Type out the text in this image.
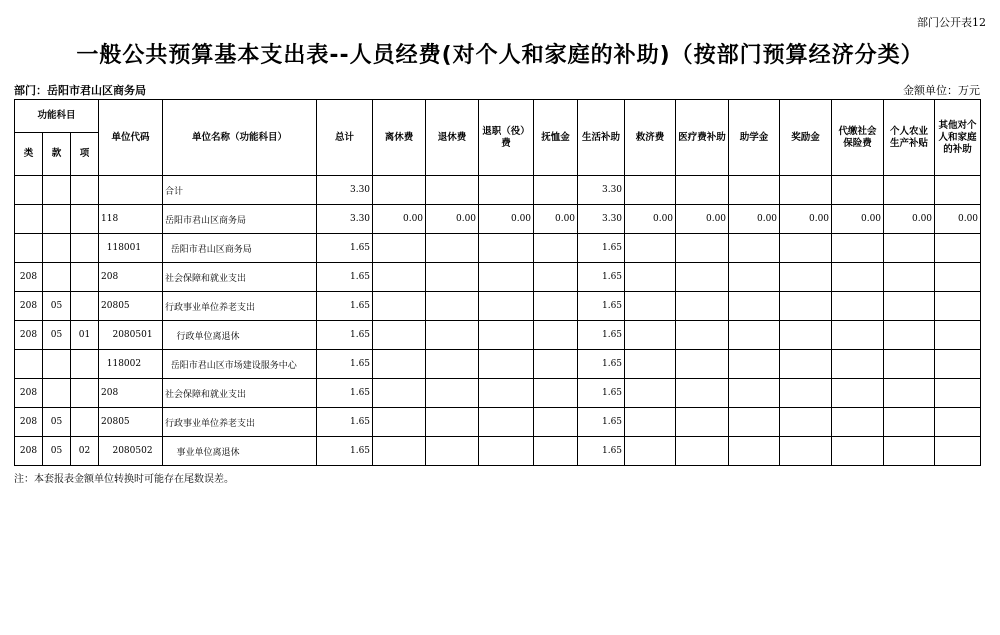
部门公开表12
一般公共预算基本支出表--人员经费(对个人和家庭的补助)（按部门预算经济分类）
部门：岳阳市君山区商务局	金额单位：万元
功能科目			单位代码	单位名称（功能科目）	总计	离休费	退休费	退职（役）费	抚恤金	生活补助	救济费	医疗费补助	助学金	奖励金	代缴社会保险费	个人农业生产补贴	其他对个人和家庭的补助
类	款	项															
				合计	3.30					3.30							
			118	岳阳市君山区商务局	3.30	0.00	0.00	0.00	0.00	3.30	0.00	0.00	0.00	0.00	0.00	0.00	0.00
			118001	岳阳市君山区商务局	1.65					1.65							
208			208	社会保障和就业支出	1.65					1.65							
208	05		20805	行政事业单位养老支出	1.65					1.65							
208	05	01	2080501	行政单位离退休	1.65					1.65							
			118002	岳阳市君山区市场建设服务中心	1.65					1.65							
208			208	社会保障和就业支出	1.65					1.65							
208	05		20805	行政事业单位养老支出	1.65					1.65							
208	05	02	2080502	事业单位离退休	1.65					1.65							
注：本套报表金额单位转换时可能存在尾数误差。
